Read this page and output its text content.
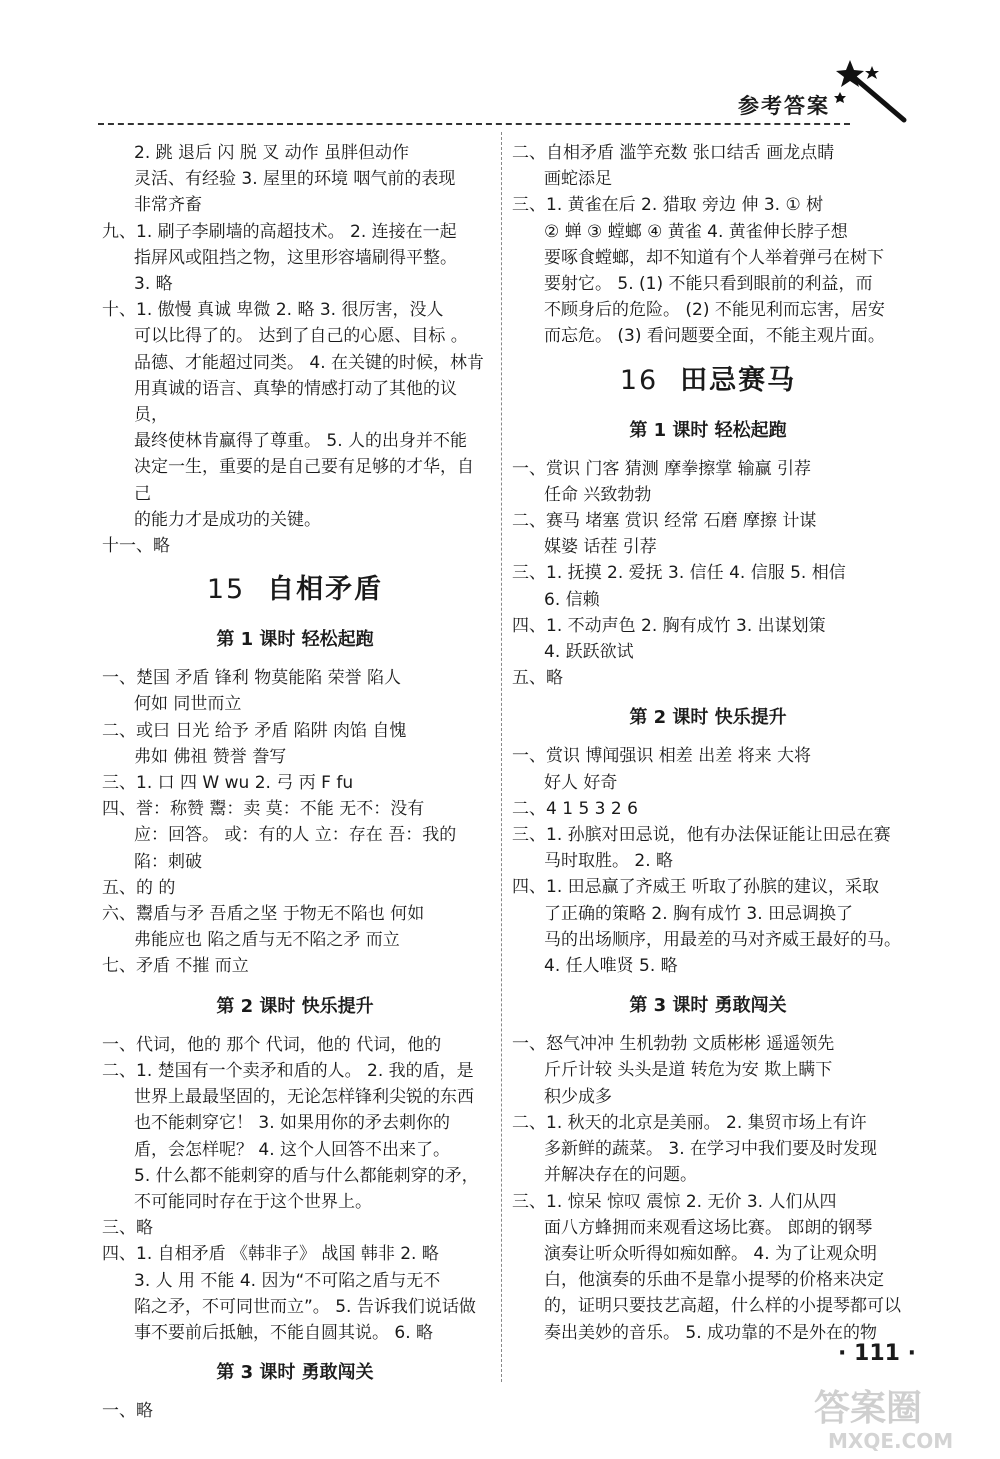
参考答案

2. 跳 退后 闪 脱 叉 动作 虽胖但动作

灵活、有经验 3. 屋里的环境 咽气前的表现

非常齐畜

九、1. 刷子李刷墙的高超技术。 2. 连接在一起

指屏风或阻挡之物，这里形容墙刷得平整。

3. 略

十、1. 傲慢 真诚 卑微 2. 略 3. 很厉害，没人

可以比得了的。 达到了自己的心愿、目标 。

品德、才能超过同类。 4. 在关键的时候，林肯

用真诚的语言、真挚的情感打动了其他的议员，

最终使林肯赢得了尊重。 5. 人的出身并不能

决定一生，重要的是自己要有足够的才华，自己

的能力才是成功的关键。

十一、略

15 自相矛盾
第 1 课时 轻松起跑

一、楚国 矛盾 锋利 物莫能陷 荣誉 陷人

何如 同世而立

二、或曰 日光 给予 矛盾 陷阱 肉馅 自愧

弗如 佛祖 赞誉 誊写

三、1. 口 四 W wu 2. 弓 丙 F fu

四、誉：称赞 鬻：卖 莫：不能 无不：没有

应：回答。 或：有的人 立：存在 吾：我的

陷：刺破

五、的 的

六、鬻盾与矛 吾盾之坚 于物无不陷也 何如

弗能应也 陷之盾与无不陷之矛 而立

七、矛盾 不摧 而立

第 2 课时 快乐提升

一、代词，他的 那个 代词，他的 代词，他的

二、1. 楚国有一个卖矛和盾的人。 2. 我的盾，是

世界上最最坚固的，无论怎样锋利尖锐的东西

也不能刺穿它！ 3. 如果用你的矛去刺你的

盾，会怎样呢？ 4. 这个人回答不出来了。

5. 什么都不能刺穿的盾与什么都能刺穿的矛，

不可能同时存在于这个世界上。

三、略

四、1. 自相矛盾 《韩非子》 战国 韩非 2. 略

3. 人 用 不能 4. 因为“不可陷之盾与无不

陷之矛，不可同世而立”。 5. 告诉我们说话做

事不要前后抵触，不能自圆其说。 6. 略

第 3 课时 勇敢闯关

一、略

二、自相矛盾 滥竽充数 张口结舌 画龙点睛

画蛇添足

三、1. 黄雀在后 2. 猎取 旁边 伸 3. ① 树

② 蝉 ③ 螳螂 ④ 黄雀 4. 黄雀伸长脖子想

要啄食螳螂，却不知道有个人举着弹弓在树下

要射它。 5. (1) 不能只看到眼前的利益，而

不顾身后的危险。 (2) 不能见利而忘害，居安

而忘危。 (3) 看问题要全面，不能主观片面。

16 田忌赛马
第 1 课时 轻松起跑

一、赏识 门客 猜测 摩拳擦掌 输赢 引荐

任命 兴致勃勃

二、赛马 堵塞 赏识 经常 石磨 摩擦 计谋

媒婆 话茬 引荐

三、1. 抚摸 2. 爱抚 3. 信任 4. 信服 5. 相信

6. 信赖

四、1. 不动声色 2. 胸有成竹 3. 出谋划策

4. 跃跃欲试

五、略

第 2 课时 快乐提升

一、赏识 博闻强识 相差 出差 将来 大将

好人 好奇

二、4 1 5 3 2 6

三、1. 孙膑对田忌说，他有办法保证能让田忌在赛

马时取胜。 2. 略

四、1. 田忌赢了齐威王 听取了孙膑的建议，采取

了正确的策略 2. 胸有成竹 3. 田忌调换了

马的出场顺序，用最差的马对齐威王最好的马。

4. 任人唯贤 5. 略

第 3 课时 勇敢闯关

一、怒气冲冲 生机勃勃 文质彬彬 遥遥领先

斤斤计较 头头是道 转危为安 欺上瞒下

积少成多

二、1. 秋天的北京是美丽。 2. 集贸市场上有许

多新鲜的蔬菜。 3. 在学习中我们要及时发现

并解决存在的问题。

三、1. 惊呆 惊叹 震惊 2. 无价 3. 人们从四

面八方蜂拥而来观看这场比赛。 郎朗的钢琴

演奏让听众听得如痴如醉。 4. 为了让观众明

白，他演奏的乐曲不是靠小提琴的价格来决定

的，证明只要技艺高超，什么样的小提琴都可以

奏出美妙的音乐。 5. 成功靠的不是外在的物

· 111 ·
答案圈
MXQE.COM
